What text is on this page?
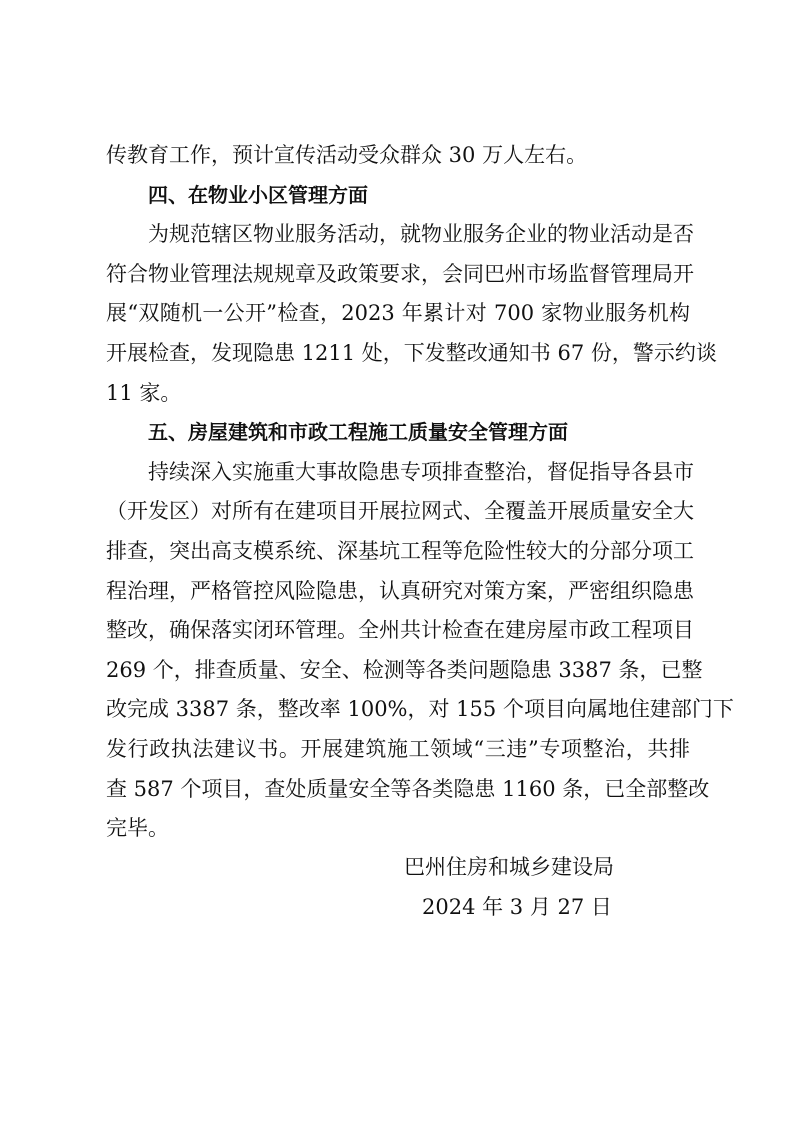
传教育工作，预计宣传活动受众群众 30 万人左右。
四、在物业小区管理方面
为规范辖区物业服务活动，就物业服务企业的物业活动是否
符合物业管理法规规章及政策要求，会同巴州市场监督管理局开
展“双随机一公开”检查，2023 年累计对 700 家物业服务机构
开展检查，发现隐患 1211 处，下发整改通知书 67 份，警示约谈
11 家。
五、房屋建筑和市政工程施工质量安全管理方面
持续深入实施重大事故隐患专项排查整治，督促指导各县市
（开发区）对所有在建项目开展拉网式、全覆盖开展质量安全大
排查，突出高支模系统、深基坑工程等危险性较大的分部分项工
程治理，严格管控风险隐患，认真研究对策方案，严密组织隐患
整改，确保落实闭环管理。全州共计检查在建房屋市政工程项目
269 个，排查质量、安全、检测等各类问题隐患 3387 条，已整
改完成 3387 条，整改率 100%，对 155 个项目向属地住建部门下
发行政执法建议书。开展建筑施工领域“三违”专项整治，共排
查 587 个项目，查处质量安全等各类隐患 1160 条，已全部整改
完毕。
巴州住房和城乡建设局
2024 年 3 月 27 日
